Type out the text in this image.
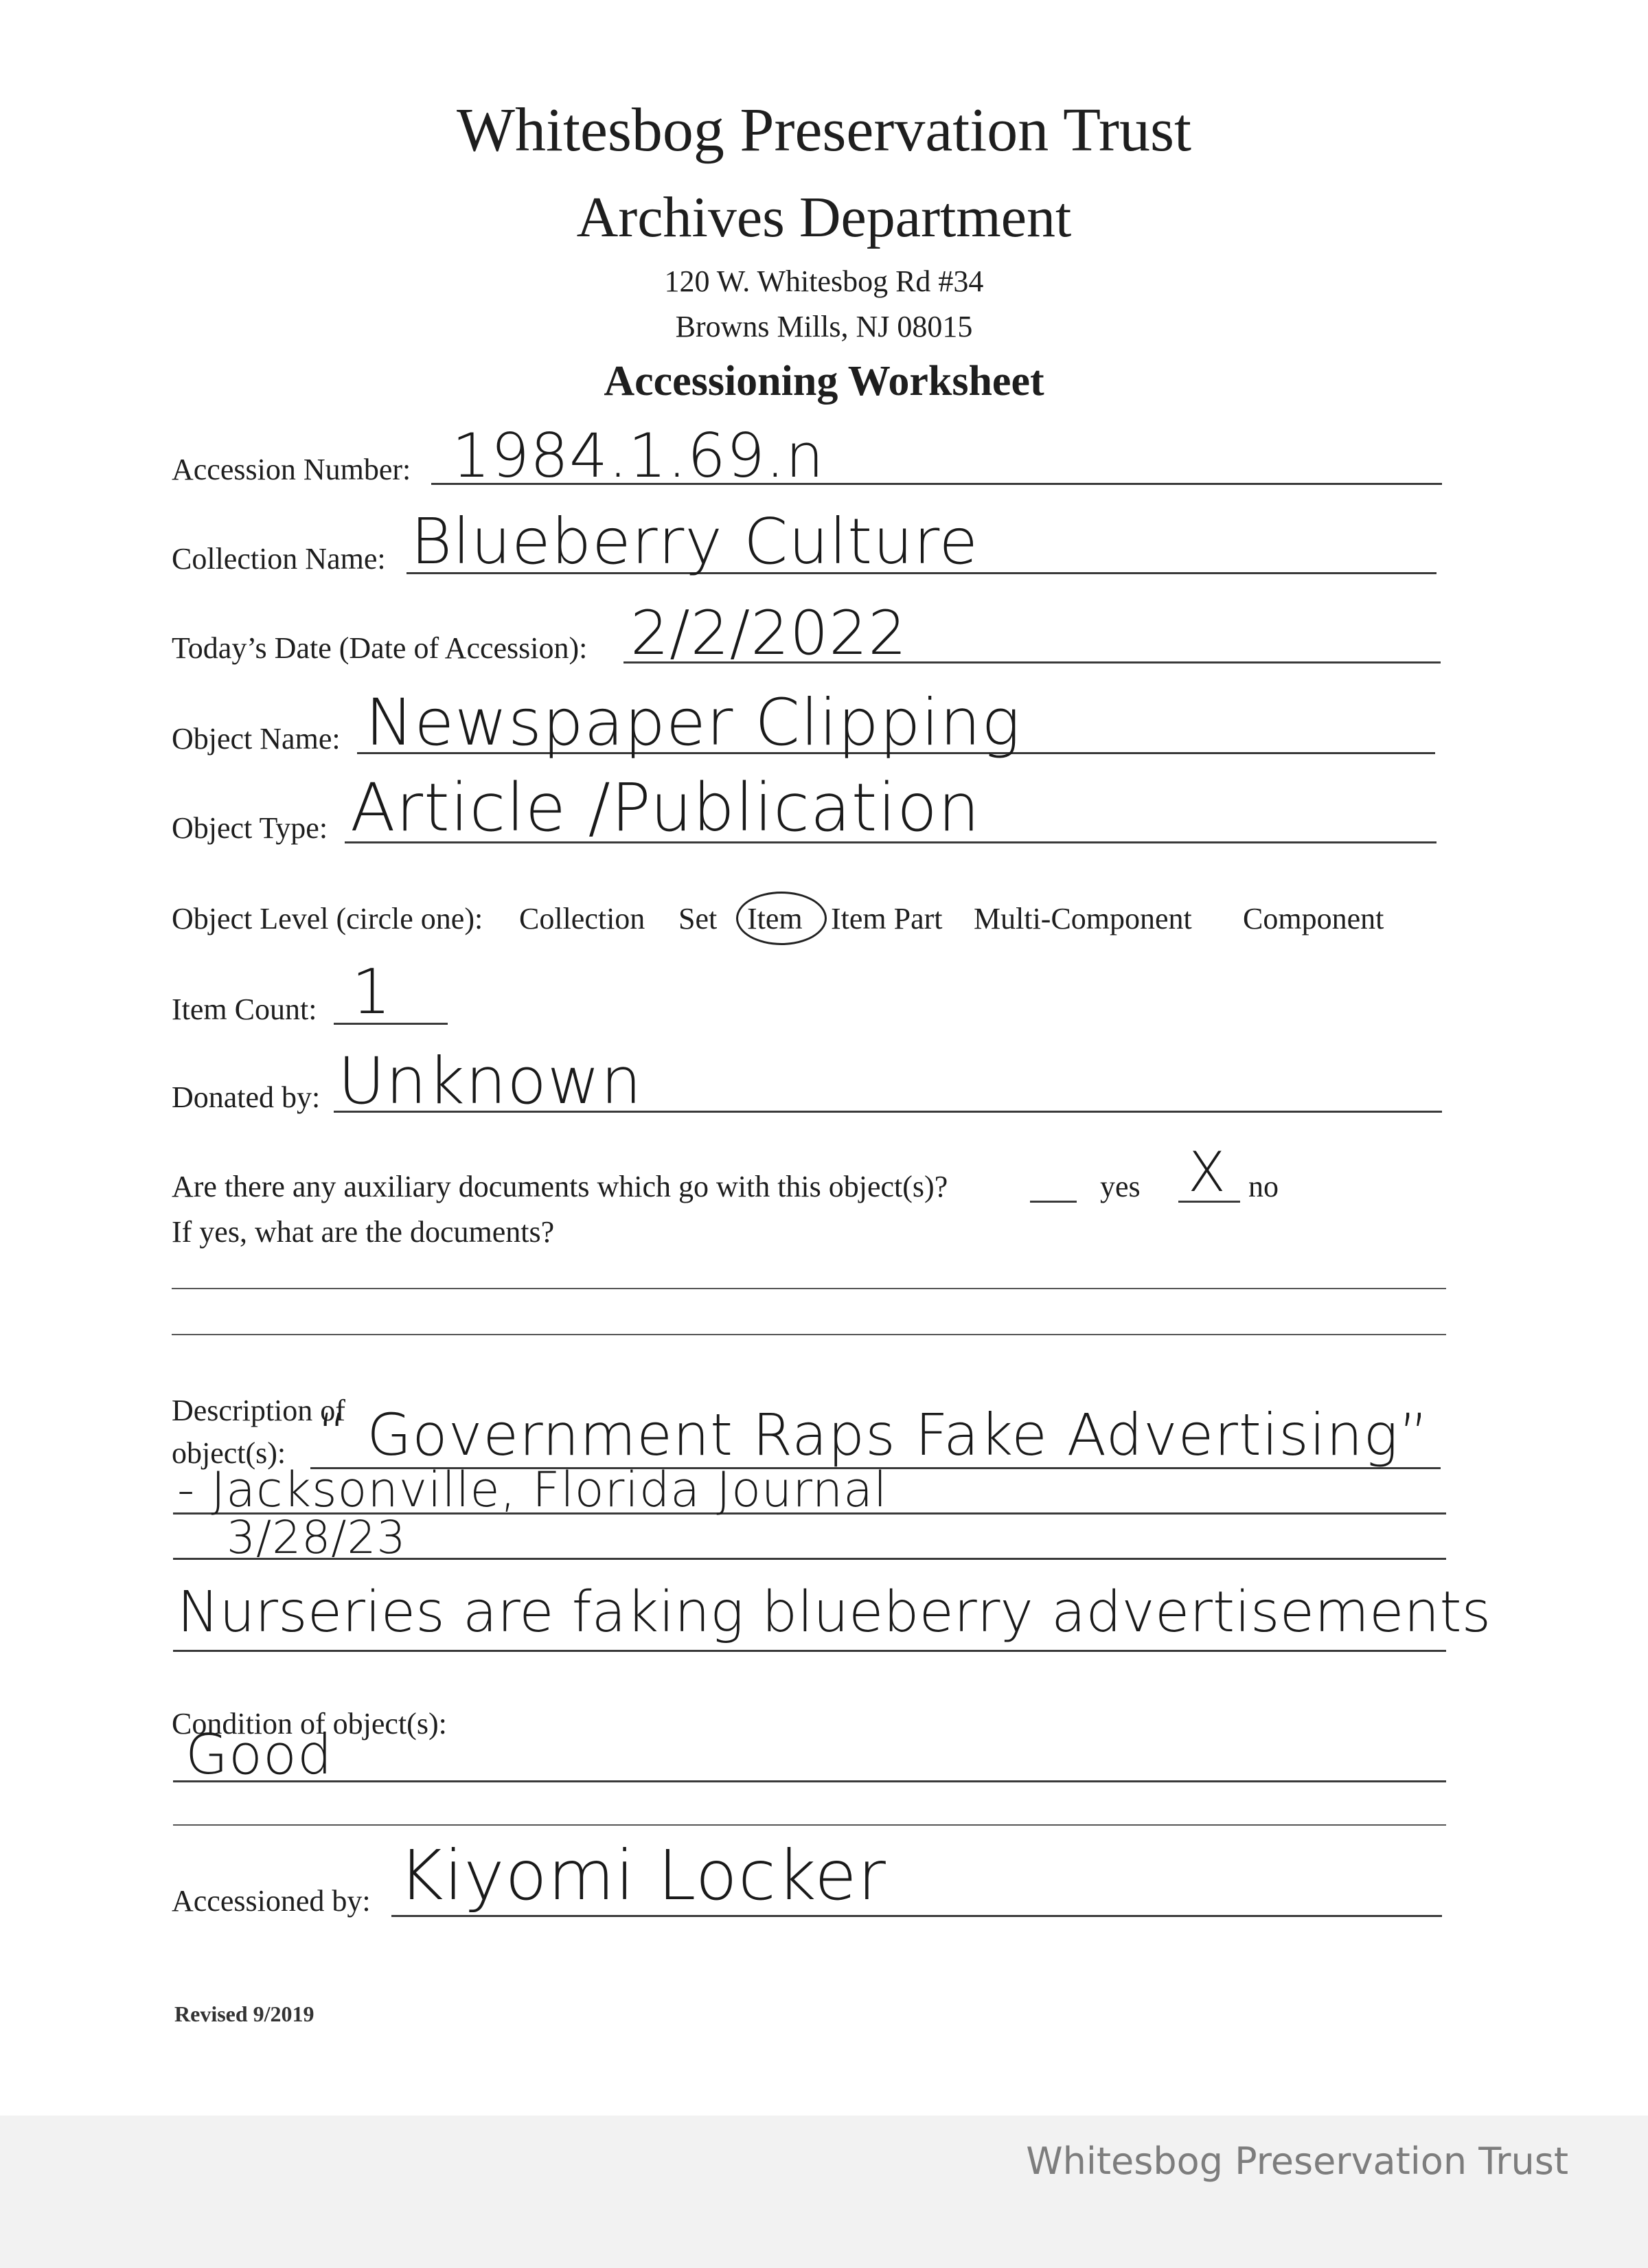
Whitesbog Preservation Trust
Archives Department
120 W. Whitesbog Rd #34
Browns Mills, NJ 08015
Accessioning Worksheet
Accession Number: 1984.1.69.n
Collection Name: Blueberry Culture
Today’s Date (Date of Accession): 2/2/2022
Object Name: Newspaper Clipping
Object Type: Article /Publication
Object Level (circle one): Collection Set Item Item Part Multi-Component Component
Item Count: 1
Donated by: Unknown
Are there any auxiliary documents which go with this object(s)?	yes X no
If yes, what are the documents?
Description of
object(s): “ Government Raps Fake Advertising”
- Jacksonville, Florida Journal
3/28/23
Nurseries are faking blueberry advertisements
Condition of object(s):
Good
Accessioned by: Kiyomi Locker
Revised 9/2019
Whitesbog Preservation Trust
